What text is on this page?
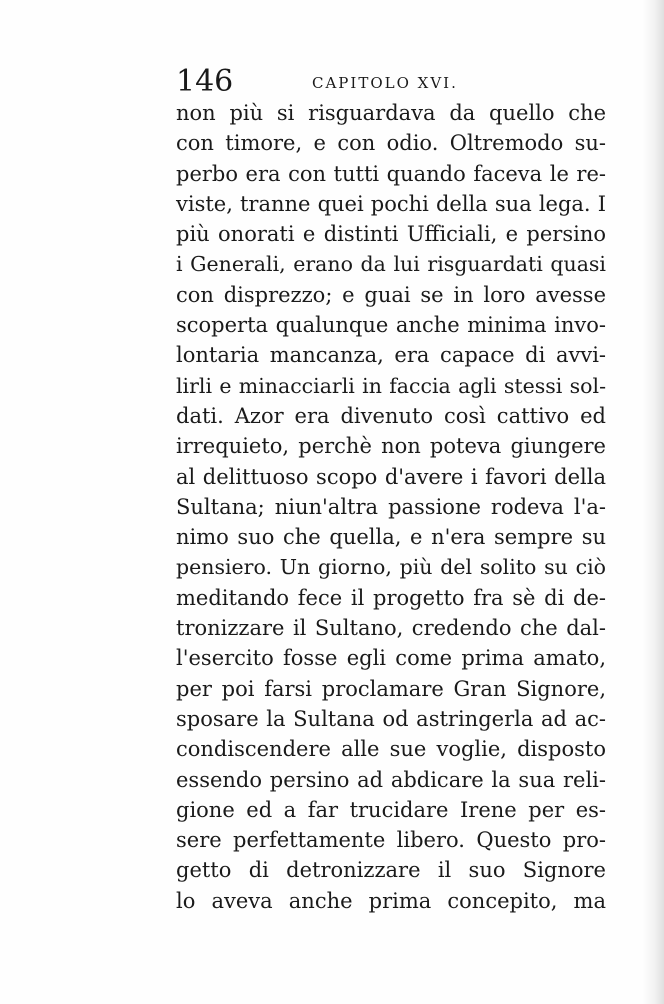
146	CAPITOLO XVI.
non più si risguardava da quello che
con timore, e con odio. Oltremodo su-
perbo era con tutti quando faceva le re-
viste, tranne quei pochi della sua lega. I
più onorati e distinti Ufficiali, e persino
i Generali, erano da lui risguardati quasi
con disprezzo; e guai se in loro avesse
scoperta qualunque anche minima invo-
lontaria mancanza, era capace di avvi-
lirli e minacciarli in faccia agli stessi sol-
dati. Azor era divenuto così cattivo ed
irrequieto, perchè non poteva giungere
al delittuoso scopo d'avere i favori della
Sultana; niun'altra passione rodeva l'a-
nimo suo che quella, e n'era sempre su
pensiero. Un giorno, più del solito su ciò
meditando fece il progetto fra sè di de-
tronizzare il Sultano, credendo che dal-
l'esercito fosse egli come prima amato,
per poi farsi proclamare Gran Signore,
sposare la Sultana od astringerla ad ac-
condiscendere alle sue voglie, disposto
essendo persino ad abdicare la sua reli-
gione ed a far trucidare Irene per es-
sere perfettamente libero. Questo pro-
getto di detronizzare il suo Signore
lo aveva anche prima concepito, ma
